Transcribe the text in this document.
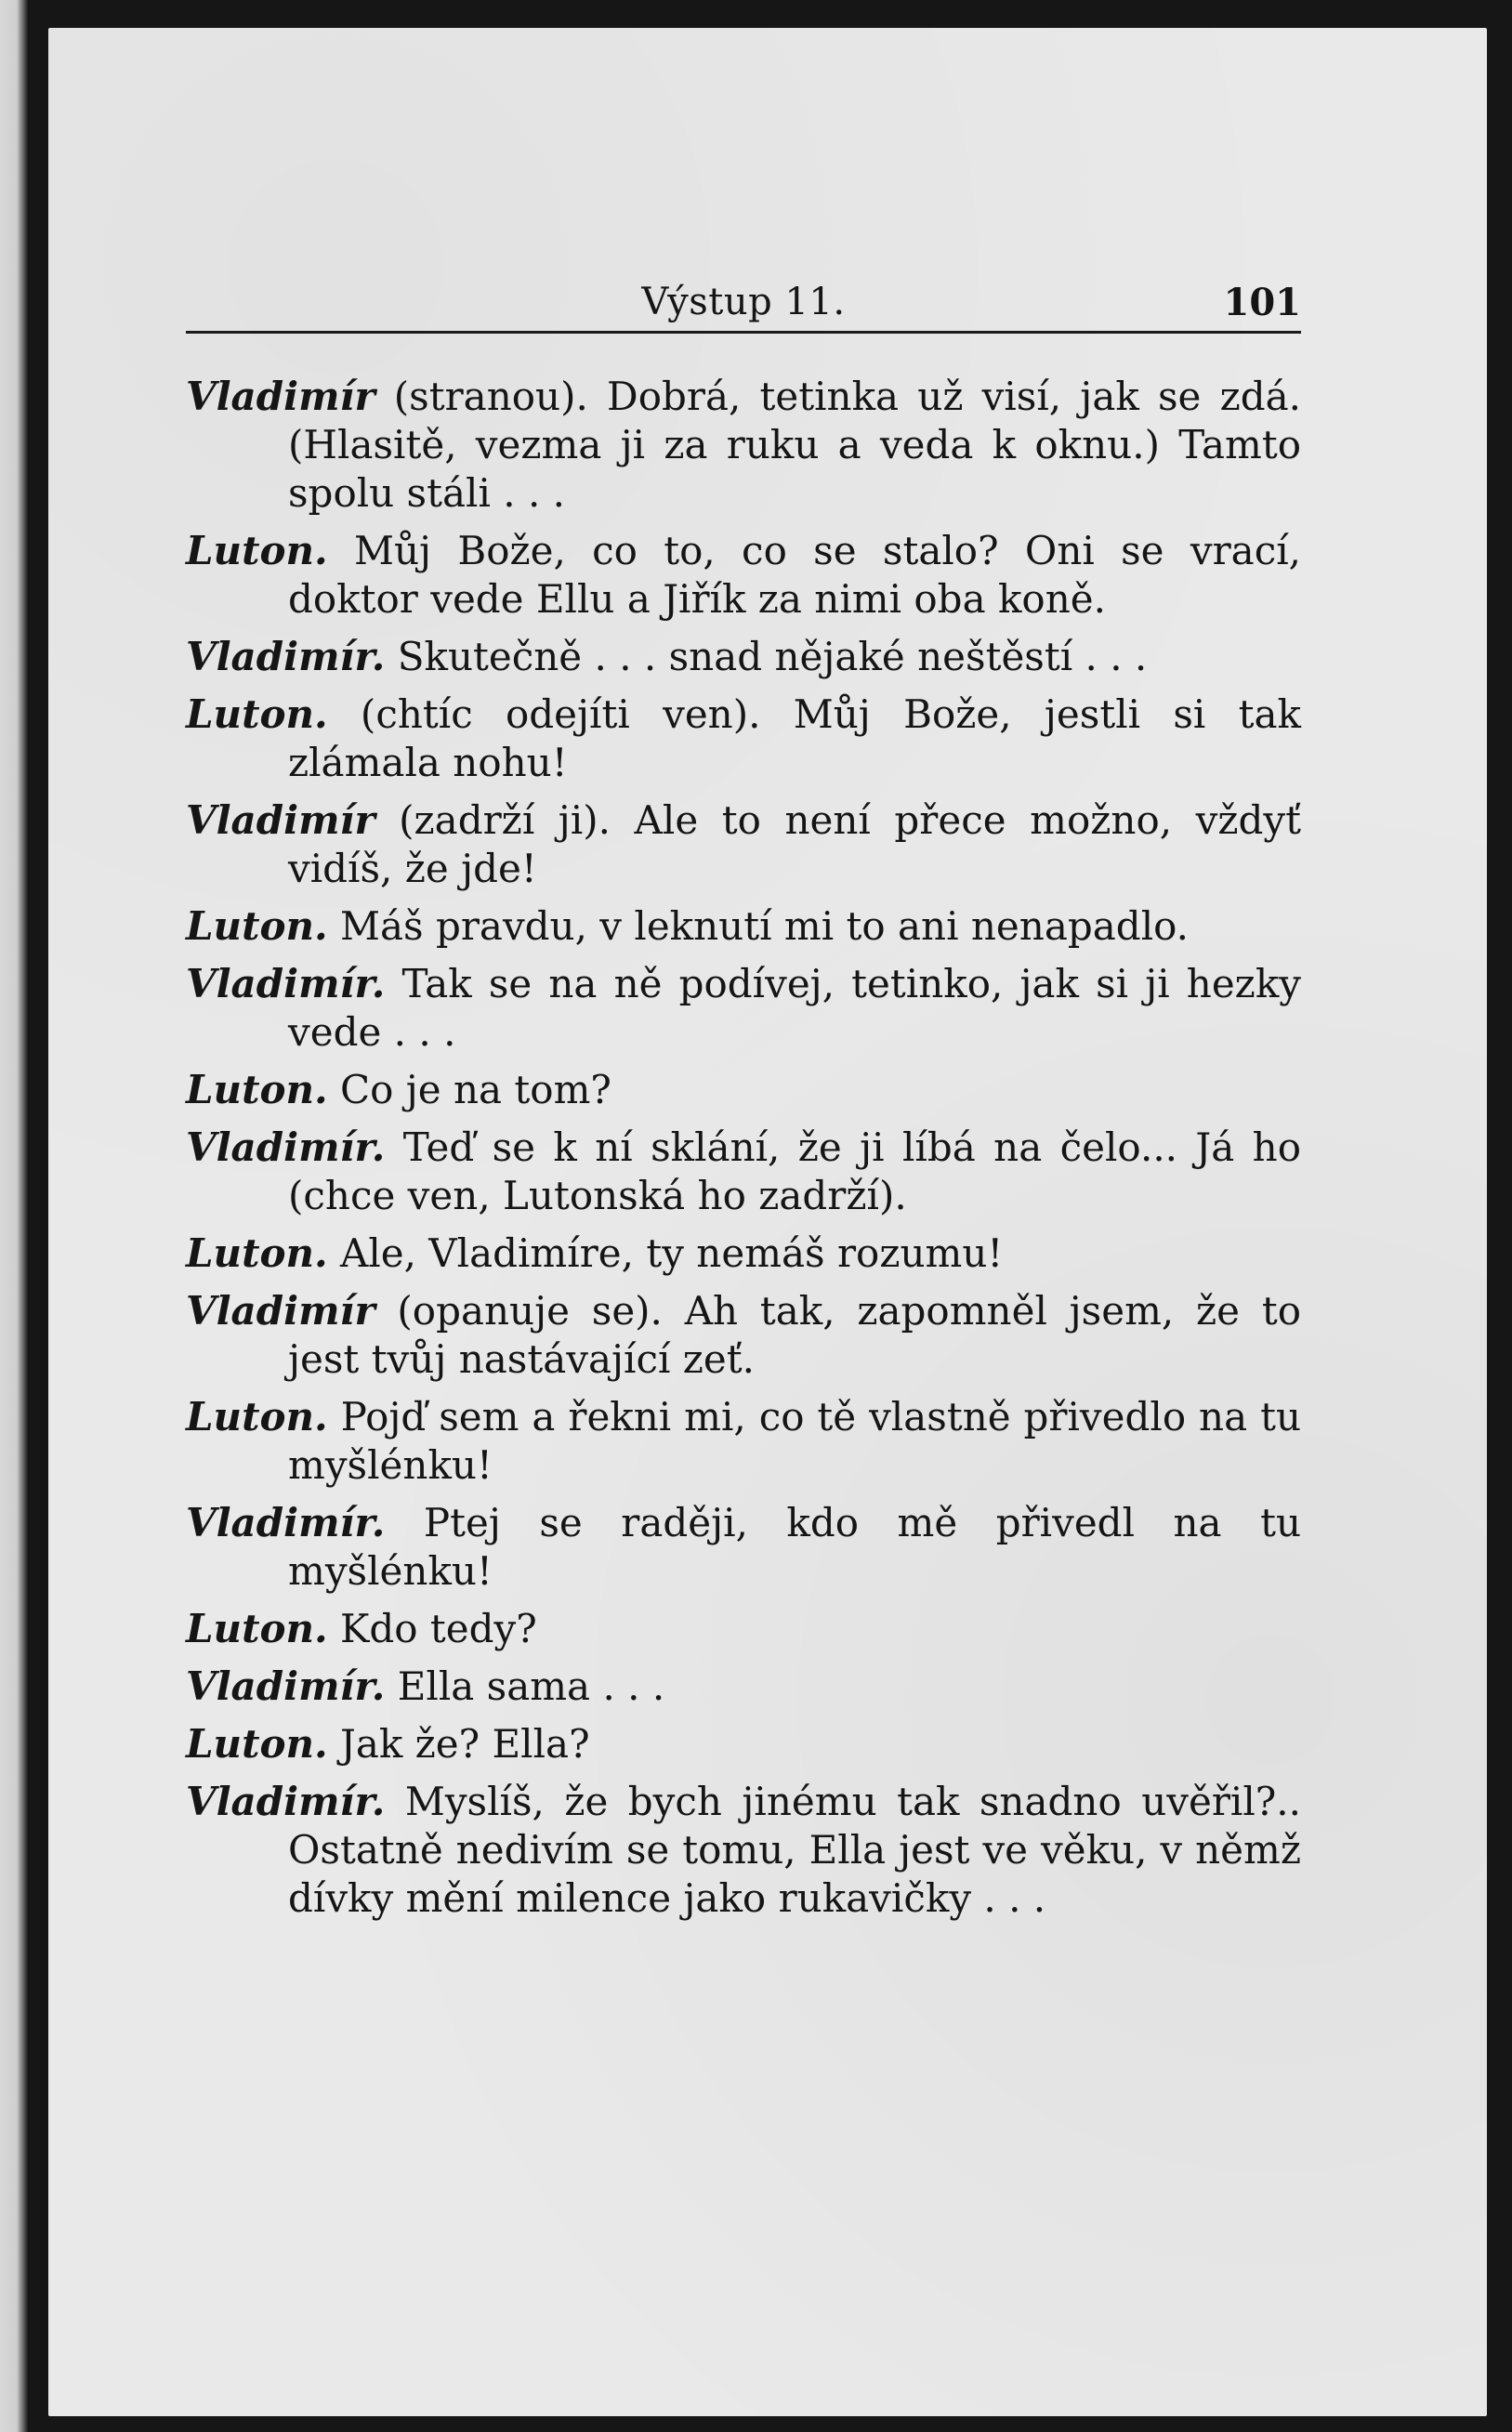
Výstup 11.	101

Vladimír (stranou). Dobrá, tetinka už visí, jak se zdá. (Hlasitě, vezma ji za ruku a veda k oknu.) Tamto spolu stáli . . .

Luton. Můj Bože, co to, co se stalo? Oni se vrací, doktor vede Ellu a Jiřík za nimi oba koně.

Vladimír. Skutečně . . . snad nějaké neštěstí . . .

Luton. (chtíc odejíti ven). Můj Bože, jestli si tak zlámala nohu!

Vladimír (zadrží ji). Ale to není přece možno, vždyť vidíš, že jde!

Luton. Máš pravdu, v leknutí mi to ani nenapadlo.

Vladimír. Tak se na ně podívej, tetinko, jak si ji hezky vede . . .

Luton. Co je na tom?

Vladimír. Teď se k ní sklání, že ji líbá na čelo... Já ho (chce ven, Lutonská ho zadrží).

Luton. Ale, Vladimíre, ty nemáš rozumu!

Vladimír (opanuje se). Ah tak, zapomněl jsem, že to jest tvůj nastávající zeť.

Luton. Pojď sem a řekni mi, co tě vlastně přivedlo na tu myšlénku!

Vladimír. Ptej se raději, kdo mě přivedl na tu myšlénku!

Luton. Kdo tedy?

Vladimír. Ella sama . . .

Luton. Jak že? Ella?

Vladimír. Myslíš, že bych jinému tak snadno uvěřil?.. Ostatně nedivím se tomu, Ella jest ve věku, v němž dívky mění milence jako rukavičky . . .
